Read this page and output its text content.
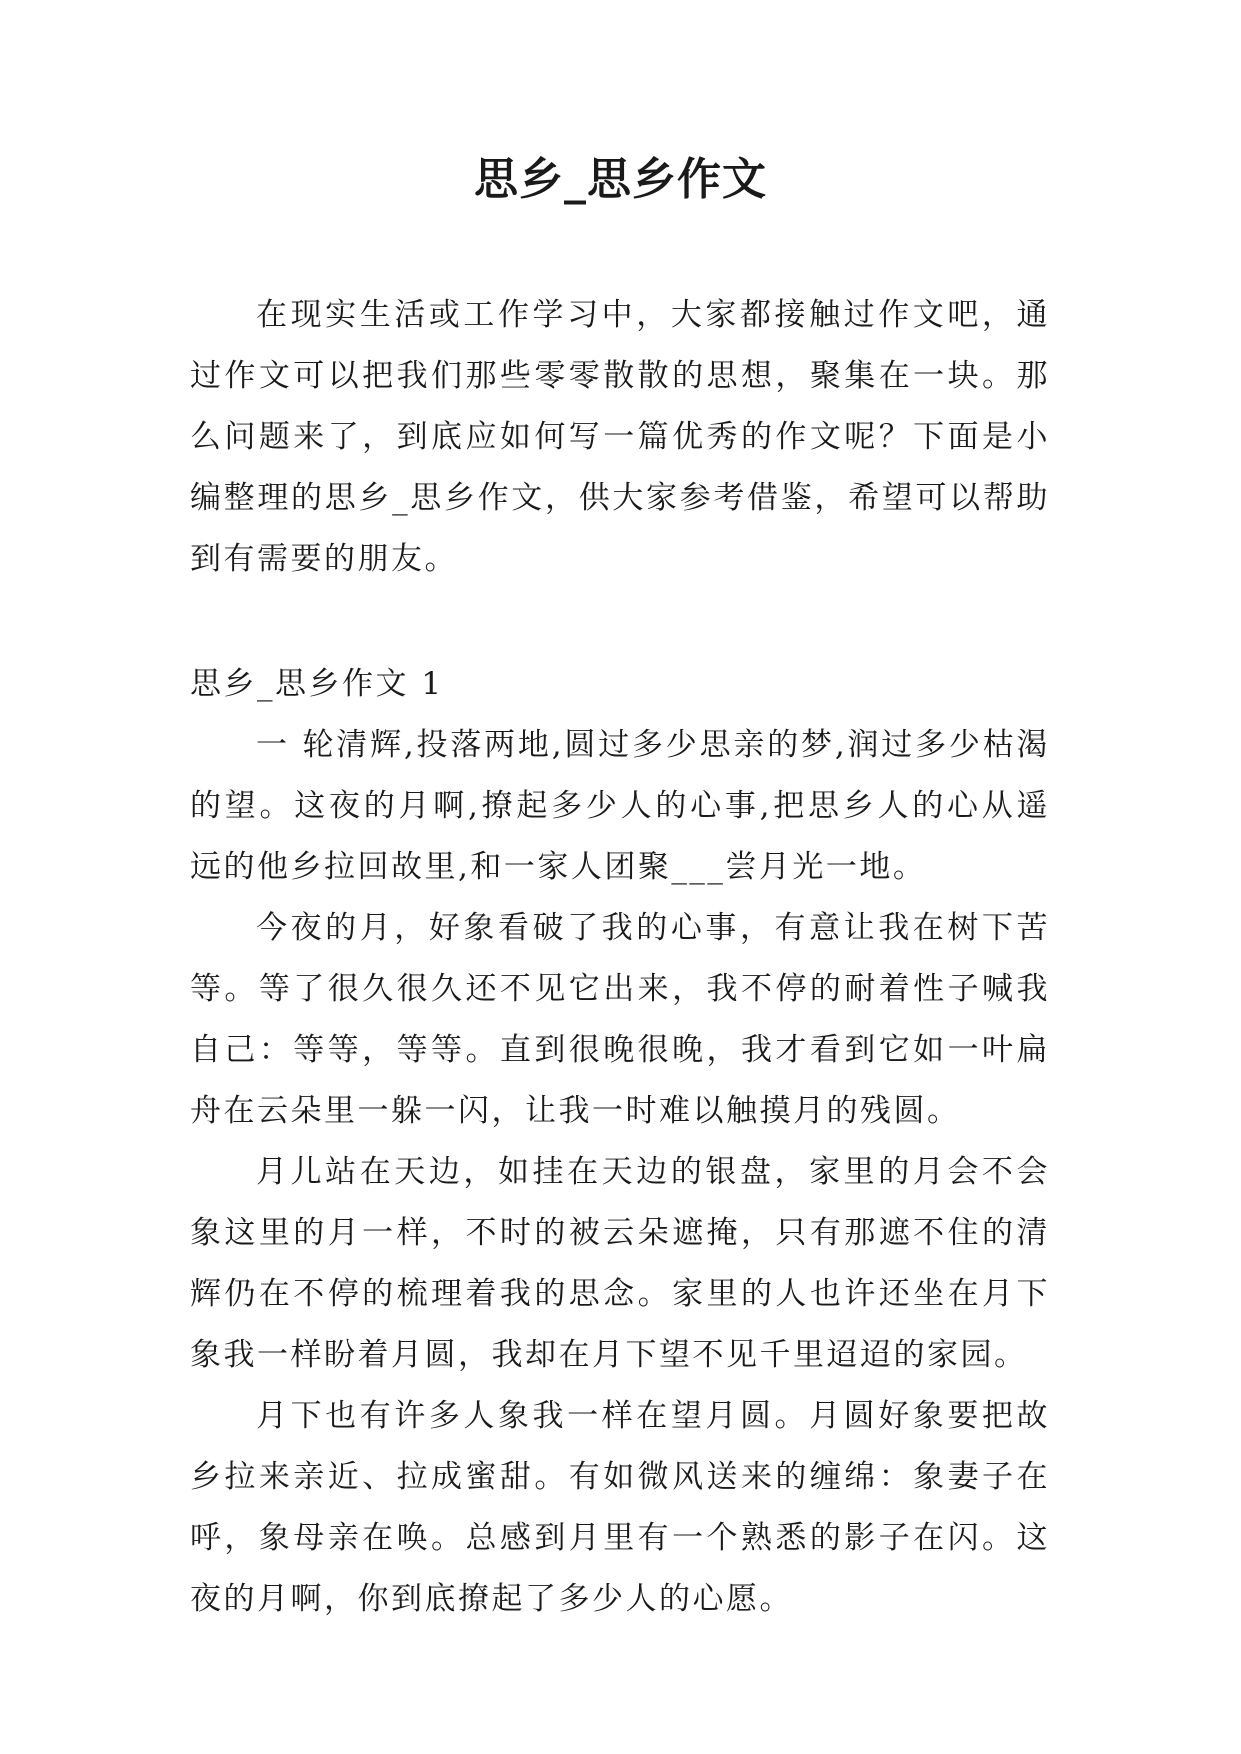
思乡_思乡作文

在现实生活或工作学习中，大家都接触过作文吧，通过作文可以把我们那些零零散散的思想，聚集在一块。那么问题来了，到底应如何写一篇优秀的作文呢？下面是小编整理的思乡_思乡作文，供大家参考借鉴，希望可以帮助到有需要的朋友。

思乡_思乡作文 1

一 轮清辉,投落两地,圆过多少思亲的梦,润过多少枯渴的望。这夜的月啊,撩起多少人的心事,把思乡人的心从遥远的他乡拉回故里,和一家人团聚___尝月光一地。

今夜的月，好象看破了我的心事，有意让我在树下苦等。等了很久很久还不见它出来，我不停的耐着性子喊我自己：等等，等等。直到很晚很晚，我才看到它如一叶扁舟在云朵里一躲一闪，让我一时难以触摸月的残圆。

月儿站在天边，如挂在天边的银盘，家里的月会不会象这里的月一样，不时的被云朵遮掩，只有那遮不住的清辉仍在不停的梳理着我的思念。家里的人也许还坐在月下象我一样盼着月圆，我却在月下望不见千里迢迢的家园。

月下也有许多人象我一样在望月圆。月圆好象要把故乡拉来亲近、拉成蜜甜。有如微风送来的缠绵：象妻子在呼，象母亲在唤。总感到月里有一个熟悉的影子在闪。这夜的月啊，你到底撩起了多少人的心愿。
